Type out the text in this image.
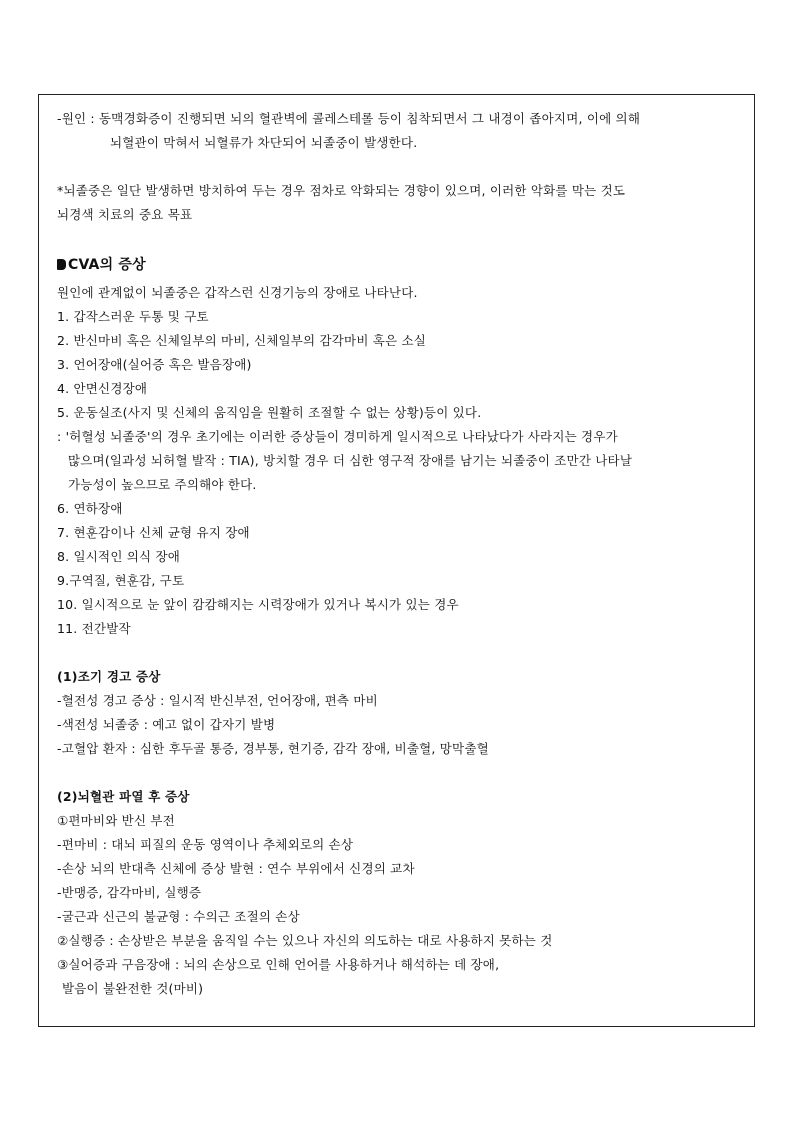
-원인 : 동맥경화증이 진행되면 뇌의 혈관벽에 콜레스테롤 등이 침착되면서 그 내경이 좁아지며, 이에 의해
뇌혈관이 막혀서 뇌혈류가 차단되어 뇌졸중이 발생한다.
*뇌졸중은 일단 발생하면 방치하여 두는 경우 점차로 악화되는 경향이 있으며, 이러한 악화를 막는 것도
뇌경색 치료의 중요 목표
CVA의 증상
원인에 관계없이 뇌졸중은 갑작스런 신경기능의 장애로 나타난다.
1. 갑작스러운 두통 및 구토
2. 반신마비 혹은 신체일부의 마비, 신체일부의 감각마비 혹은 소실
3. 언어장애(실어증 혹은 발음장애)
4. 안면신경장애
5. 운동실조(사지 및 신체의 움직임을 원활히 조절할 수 없는 상황)등이 있다.
: '허혈성 뇌졸중'의 경우 초기에는 이러한 증상들이 경미하게 일시적으로 나타났다가 사라지는 경우가
많으며(일과성 뇌허혈 발작 : TIA), 방치할 경우 더 심한 영구적 장애를 남기는 뇌졸중이 조만간 나타날
가능성이 높으므로 주의해야 한다.
6. 연하장애
7. 현훈감이나 신체 균형 유지 장애
8. 일시적인 의식 장애
9.구역질, 현훈감, 구토
10. 일시적으로 눈 앞이 캄캄해지는 시력장애가 있거나 복시가 있는 경우
11. 전간발작
(1)조기 경고 증상
-혈전성 경고 증상 : 일시적 반신부전, 언어장애, 편측 마비
-색전성 뇌졸중 : 예고 없이 갑자기 발병
-고혈압 환자 : 심한 후두골 통증, 경부통, 현기증, 감각 장애, 비출혈, 망막출혈
(2)뇌혈관 파열 후 증상
①편마비와 반신 부전
-편마비 : 대뇌 피질의 운동 영역이나 추체외로의 손상
-손상 뇌의 반대측 신체에 증상 발현 : 연수 부위에서 신경의 교차
-반맹증, 감각마비, 실행증
-굴근과 신근의 불균형 : 수의근 조절의 손상
②실행증 : 손상받은 부분을 움직일 수는 있으나 자신의 의도하는 대로 사용하지 못하는 것
③실어증과 구음장애 : 뇌의 손상으로 인해 언어를 사용하거나 해석하는 데 장애,
발음이 불완전한 것(마비)
